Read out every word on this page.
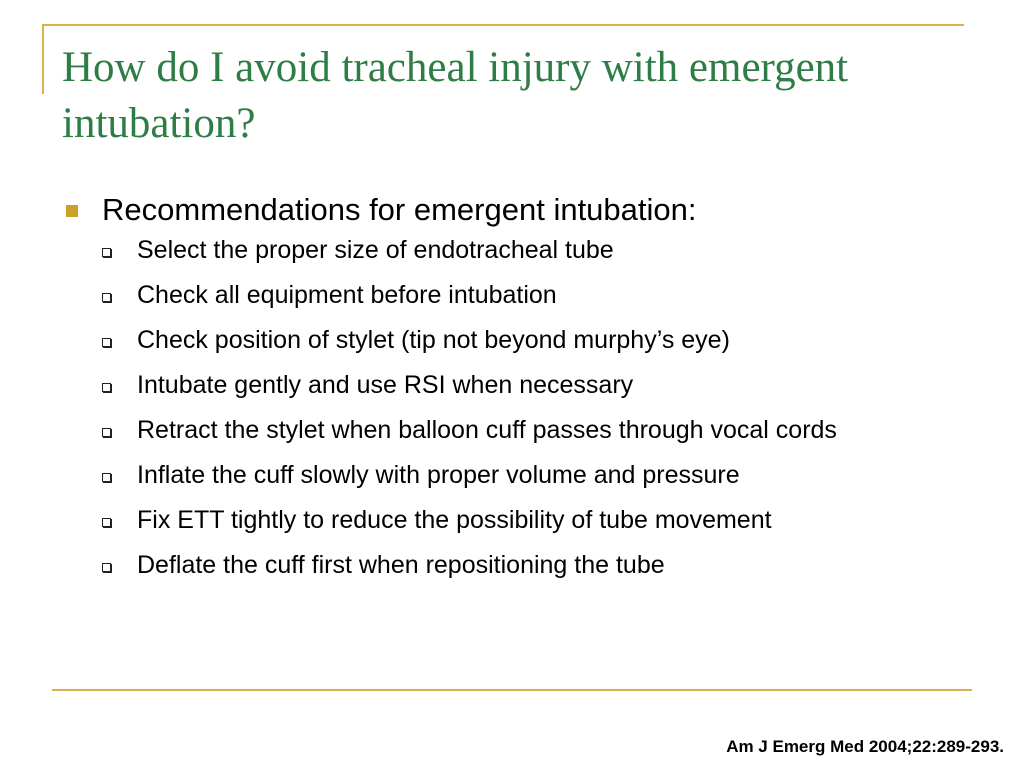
How do I avoid tracheal injury with emergent intubation?
Recommendations for emergent intubation:
Select the proper size of endotracheal tube
Check all equipment before intubation
Check position of stylet (tip not beyond murphy’s eye)
Intubate gently and use RSI when necessary
Retract the stylet when balloon cuff passes through vocal cords
Inflate the cuff slowly with proper volume and pressure
Fix ETT tightly to reduce the possibility of tube movement
Deflate the cuff first when repositioning the tube
Am J Emerg Med 2004;22:289-293.
